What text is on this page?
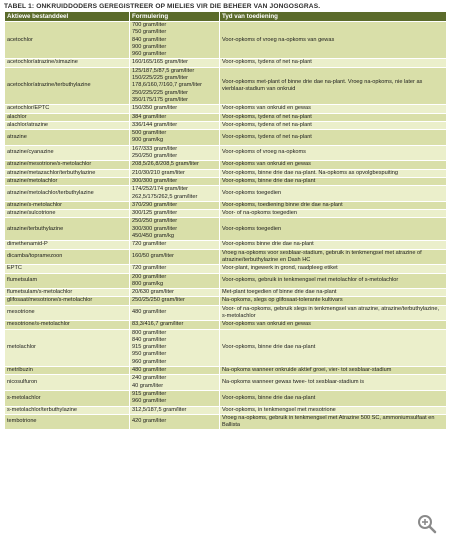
TABEL 1: ONKRUIDDODERS GEREGISTREER OP MIELIES VIR DIE BEHEER VAN JONGOSGRAS.
Aktiewe bestanddeel	Formulering	Tyd van toediening
acetochlor	700 gram/liter
750 gram/liter
840 gram/liter
900 gram/liter
960 gram/liter	Voor-opkoms of vroeg na-opkoms van gewas

acetochlor/atrazine/simazine	160/165/165 gram/liter	Voor-opkoms, tydens of net na-plant

acetochlor/atrazine/terbuthylazine	125/187,5/87,5 gram/liter
150/225/225 gram/liter
178,6/160,7/160,7 gram/liter
250/225/225 gram/liter
350/175/175 gram/liter	Voor-opkoms met-plant of binne drie dae na-plant. Vroeg na-opkoms, nie later as vierblaar-stadium van onkruid

acetochlor/EPTC	150/350 gram/liter	Voor-opkoms van onkruid en gewas

alachlor	384 gram/liter	Voor-opkoms, tydens of net na-plant

alachlor/atrazine	336/144 gram/liter	Voor-opkoms, tydens of net na-plant

atrazine	500 gram/liter
900 gram/kg	Voor-opkoms, tydens of net na-plant

atrazine/cyanazine	167/333 gram/liter
250/250 gram/liter	Voor-opkoms of vroeg na-opkoms

atrazine/mesotrione/s-metolachlor	208,5/26,8/208,5 gram/liter	Voor-opkoms van onkruid en gewas

atrazine/metazachlor/terbuthylazine	210/30/210 gram/liter	Voor-opkoms, binne drie dae na-plant. Na-opkoms as opvolgbespuiting

atrazine/metolachlor	300/300 gram/liter	Voor-opkoms, binne drie dae na-plant

atrazine/metolachlor/terbuthylazine	174/252/174 gram/liter
262,5/175/262,5 gram/liter	Voor-opkoms toegedien

atrazine/s-metolachlor	370/290 gram/liter	Voor-opkoms, toediening binne drie dae na-plant

atrazine/sulcotrione	300/125 gram/liter	Voor- of na-opkoms toegedien

atrazine/terbuthylazine	250/250 gram/liter
300/300 gram/liter
450/450 gram/kg	Voor-opkoms toegedien

dimethenamid-P	720 gram/liter	Voor-opkoms binne drie dae na-plant

dicamba/topramezoon	160/50 gram/liter	Vroeg na-opkoms voor sesblaar-stadium, gebruik in tenkmengsel met atrazine of atrazine/terbuthylazine en Dash HC

EPTC	720 gram/liter	Voor-plant, ingewerk in grond, raadpleeg etiket

flumetsulam	200 gram/liter
800 gram/kg	Voor-opkoms, gebruik in tenkmengsel met metolachlor of s-metolachlor

flumetsulam/s-metolachlor	20/630 gram/liter	Met-plant toegedien of binne drie dae na-plant

glifosaat/mesotrione/s-metolachlor	250/25/250 gram/liter	Na-opkoms, slegs op glifosaat-tolerante kultivars

mesotrione	480 gram/liter	Voor- of na-opkoms, gebruik slegs in tenkmengsel van atrazine, atrazine/terbuthylazine, s-metolachlor

mesotrione/s-metolachlor	83,3/416,7 gram/liter	Voor-opkoms van onkruid en gewas

metolachlor	800 gram/liter
840 gram/liter
915 gram/liter
950 gram/liter
960 gram/liter	Voor-opkoms, binne drie dae na-plant

metribuzin	480 gram/liter	Na-opkoms wanneer onkruide aktief groei, vier- tot sesblaar-stadium

nicosulfuron	240 gram/liter
40 gram/liter	Na-opkoms wanneer gewas twee- tot sesblaar-stadium is

s-metolachlor	915 gram/liter
960 gram/liter	Voor-opkoms, binne drie dae na-plant

s-metolachlor/terbuthylazine	312,5/187,5 gram/liter	Voor-opkoms, in tenkmengsel met mesotrione

tembotrione	420 gram/liter	Vroeg na-opkoms, gebruik in tenkmengsel met Atrazine 500 SC, ammoniumsulfaat en Ballista
